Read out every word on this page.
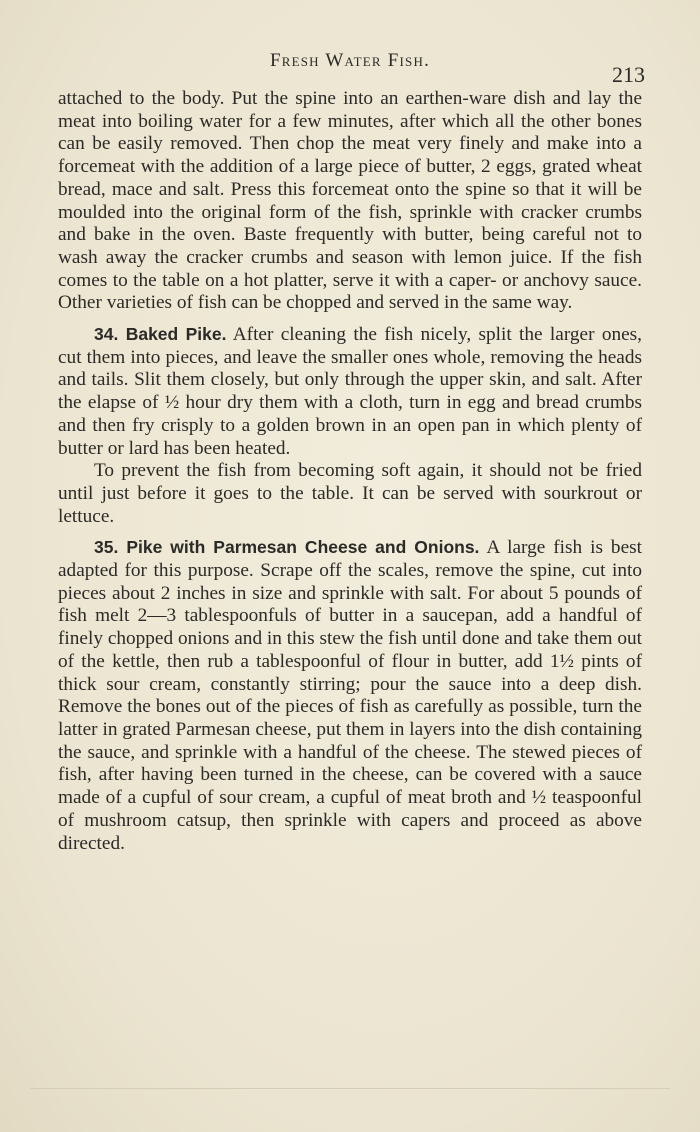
Fresh Water Fish.
213

attached to the body. Put the spine into an earthen-ware dish and lay the meat into boiling water for a few minutes, after which all the other bones can be easily removed. Then chop the meat very finely and make into a forcemeat with the addition of a large piece of butter, 2 eggs, grated wheat bread, mace and salt. Press this forcemeat onto the spine so that it will be moulded into the original form of the fish, sprinkle with cracker crumbs and bake in the oven. Baste frequently with butter, being careful not to wash away the cracker crumbs and season with lemon juice. If the fish comes to the table on a hot platter, serve it with a caper- or anchovy sauce. Other varieties of fish can be chopped and served in the same way.

34. Baked Pike. After cleaning the fish nicely, split the larger ones, cut them into pieces, and leave the smaller ones whole, removing the heads and tails. Slit them closely, but only through the upper skin, and salt. After the elapse of ½ hour dry them with a cloth, turn in egg and bread crumbs and then fry crisply to a golden brown in an open pan in which plenty of butter or lard has been heated.

To prevent the fish from becoming soft again, it should not be fried until just before it goes to the table. It can be served with sourkrout or lettuce.

35. Pike with Parmesan Cheese and Onions. A large fish is best adapted for this purpose. Scrape off the scales, remove the spine, cut into pieces about 2 inches in size and sprinkle with salt. For about 5 pounds of fish melt 2—3 tablespoonfuls of butter in a saucepan, add a handful of finely chopped onions and in this stew the fish until done and take them out of the kettle, then rub a tablespoonful of flour in butter, add 1½ pints of thick sour cream, constantly stirring; pour the sauce into a deep dish. Remove the bones out of the pieces of fish as carefully as possible, turn the latter in grated Parmesan cheese, put them in layers into the dish containing the sauce, and sprinkle with a handful of the cheese. The stewed pieces of fish, after having been turned in the cheese, can be covered with a sauce made of a cupful of sour cream, a cupful of meat broth and ½ teaspoonful of mushroom catsup, then sprinkle with capers and proceed as above directed.
